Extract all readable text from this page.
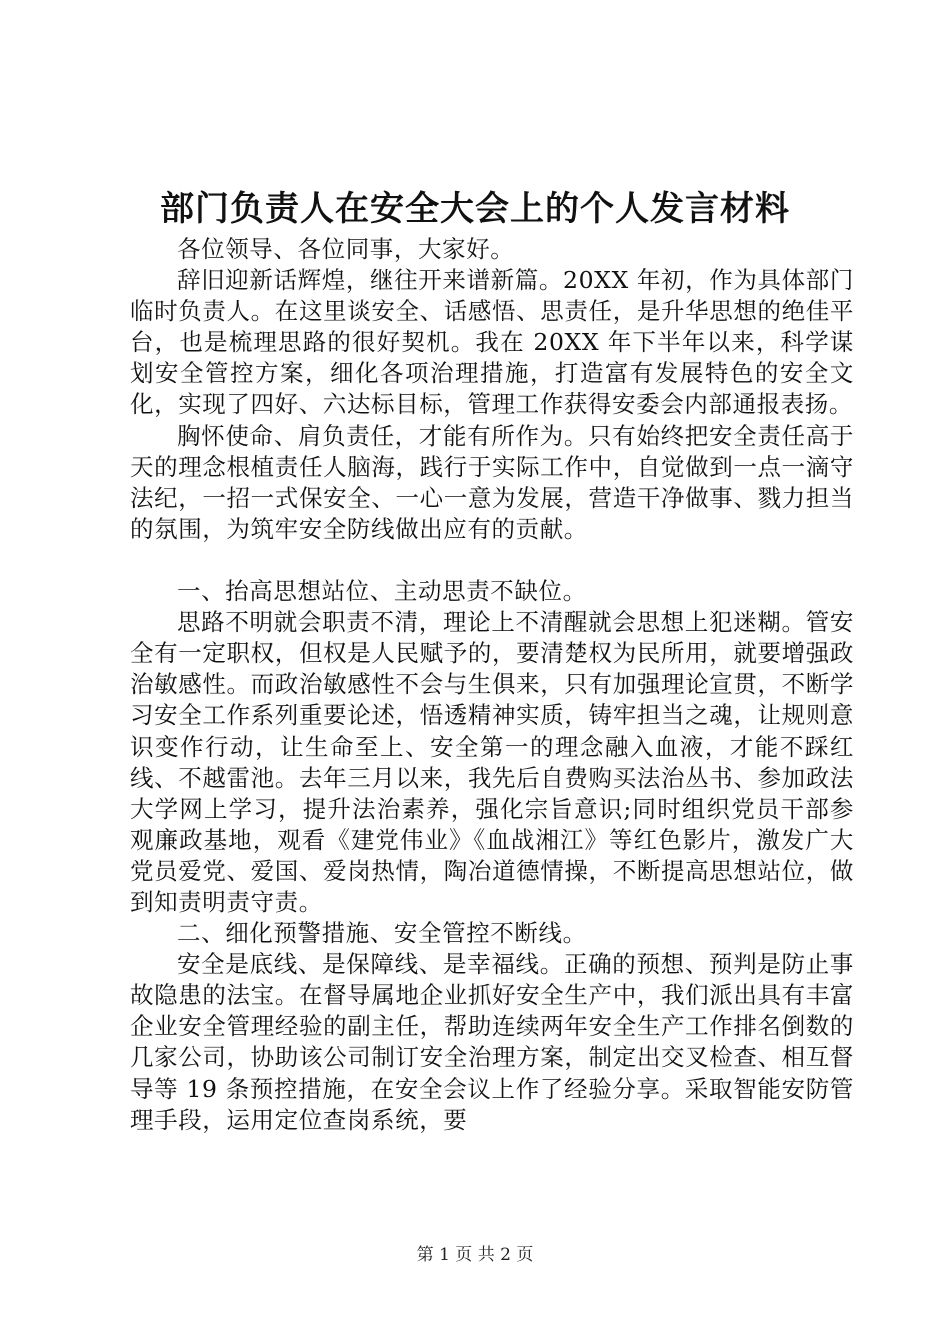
部门负责人在安全大会上的个人发言材料

各位领导、各位同事，大家好。

辞旧迎新话辉煌，继往开来谱新篇。20XX 年初，作为具体部门临时负责人。在这里谈安全、话感悟、思责任，是升华思想的绝佳平台，也是梳理思路的很好契机。我在 20XX 年下半年以来，科学谋划安全管控方案，细化各项治理措施，打造富有发展特色的安全文化，实现了四好、六达标目标，管理工作获得安委会内部通报表扬。

胸怀使命、肩负责任，才能有所作为。只有始终把安全责任高于天的理念根植责任人脑海，践行于实际工作中，自觉做到一点一滴守法纪，一招一式保安全、一心一意为发展，营造干净做事、戮力担当的氛围，为筑牢安全防线做出应有的贡献。

一、抬高思想站位、主动思责不缺位。

思路不明就会职责不清，理论上不清醒就会思想上犯迷糊。管安全有一定职权，但权是人民赋予的，要清楚权为民所用，就要增强政治敏感性。而政治敏感性不会与生俱来，只有加强理论宣贯，不断学习安全工作系列重要论述，悟透精神实质，铸牢担当之魂，让规则意识变作行动，让生命至上、安全第一的理念融入血液，才能不踩红线、不越雷池。去年三月以来，我先后自费购买法治丛书、参加政法大学网上学习，提升法治素养，强化宗旨意识;同时组织党员干部参观廉政基地，观看《建党伟业》《血战湘江》等红色影片，激发广大党员爱党、爱国、爱岗热情，陶冶道德情操，不断提高思想站位，做到知责明责守责。

二、细化预警措施、安全管控不断线。

安全是底线、是保障线、是幸福线。正确的预想、预判是防止事故隐患的法宝。在督导属地企业抓好安全生产中，我们派出具有丰富企业安全管理经验的副主任，帮助连续两年安全生产工作排名倒数的几家公司，协助该公司制订安全治理方案，制定出交叉检查、相互督导等 19 条预控措施，在安全会议上作了经验分享。采取智能安防管理手段，运用定位查岗系统，要

第 1 页 共 2 页
